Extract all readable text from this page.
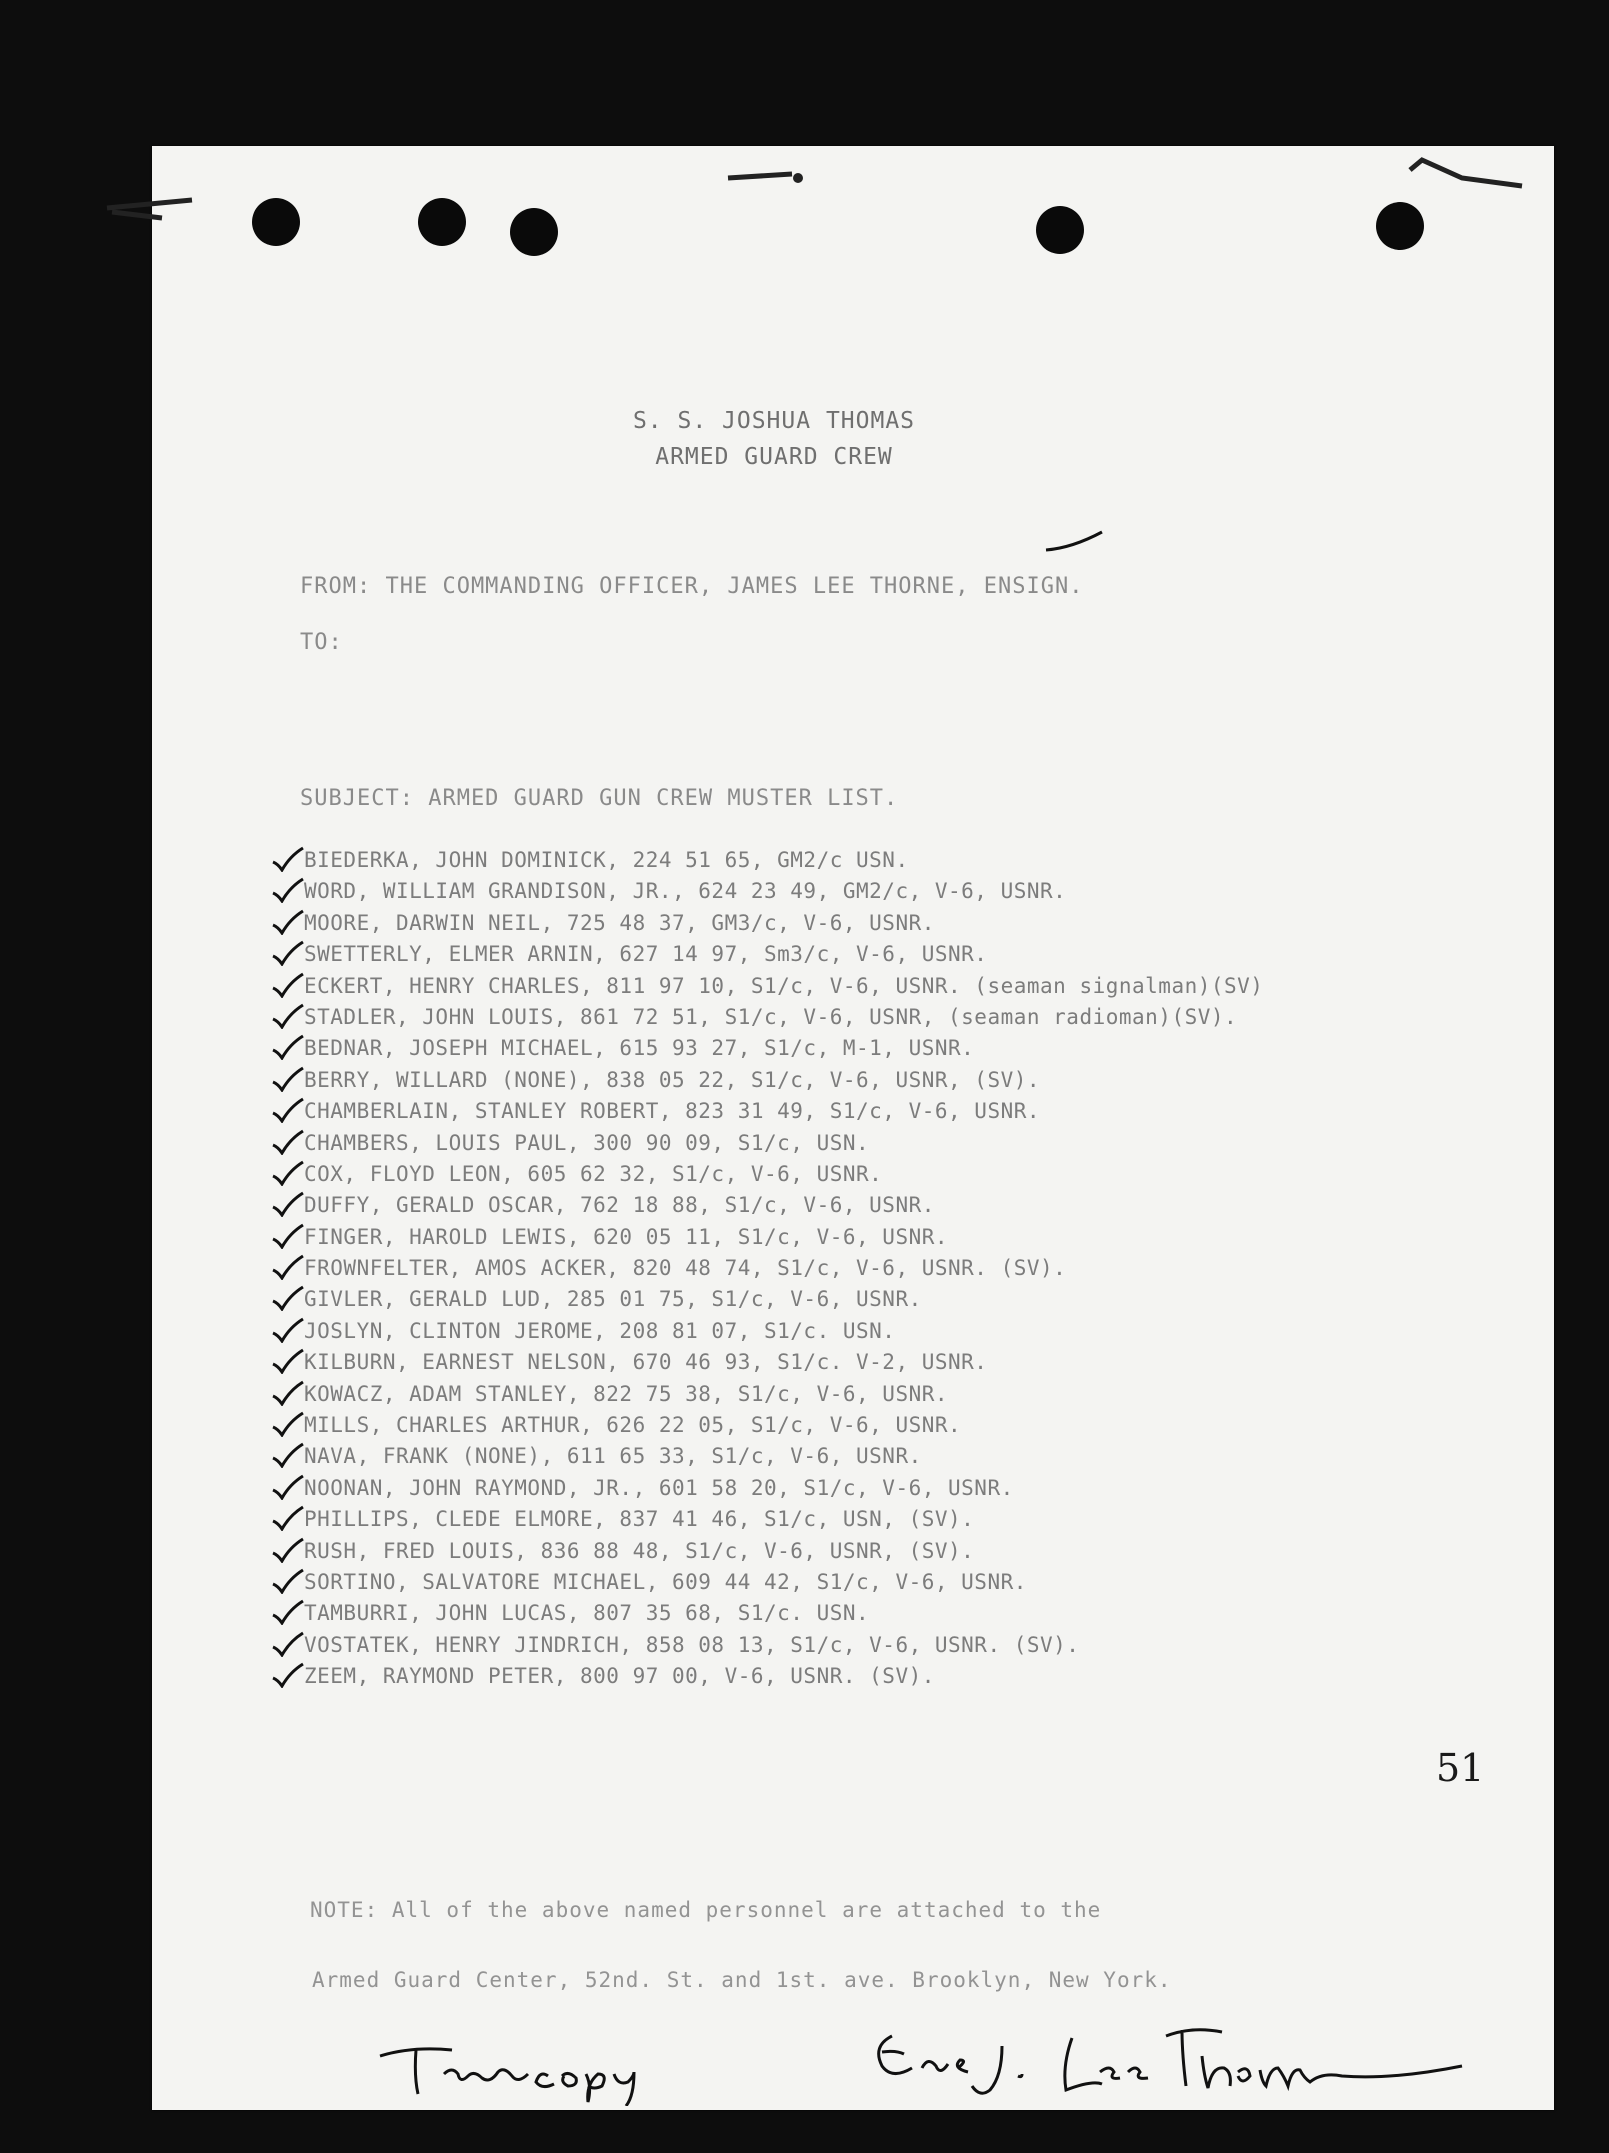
S. S. JOSHUA THOMAS
ARMED GUARD CREW
FROM: THE COMMANDING OFFICER, JAMES LEE THORNE, ENSIGN.
TO:
SUBJECT: ARMED GUARD GUN CREW MUSTER LIST.
BIEDERKA, JOHN DOMINICK, 224 51 65, GM2/c USN.
WORD, WILLIAM GRANDISON, JR., 624 23 49, GM2/c, V-6, USNR.
MOORE, DARWIN NEIL, 725 48 37, GM3/c, V-6, USNR.
SWETTERLY, ELMER ARNIN, 627 14 97, Sm3/c, V-6, USNR.
ECKERT, HENRY CHARLES, 811 97 10, S1/c, V-6, USNR. (seaman signalman)(SV)
STADLER, JOHN LOUIS, 861 72 51, S1/c, V-6, USNR, (seaman radioman)(SV).
BEDNAR, JOSEPH MICHAEL, 615 93 27, S1/c, M-1, USNR.
BERRY, WILLARD (NONE), 838 05 22, S1/c, V-6, USNR, (SV).
CHAMBERLAIN, STANLEY ROBERT, 823 31 49, S1/c, V-6, USNR.
CHAMBERS, LOUIS PAUL, 300 90 09, S1/c, USN.
COX, FLOYD LEON, 605 62 32, S1/c, V-6, USNR.
DUFFY, GERALD OSCAR, 762 18 88, S1/c, V-6, USNR.
FINGER, HAROLD LEWIS, 620 05 11, S1/c, V-6, USNR.
FROWNFELTER, AMOS ACKER, 820 48 74, S1/c, V-6, USNR. (SV).
GIVLER, GERALD LUD, 285 01 75, S1/c, V-6, USNR.
JOSLYN, CLINTON JEROME, 208 81 07, S1/c. USN.
KILBURN, EARNEST NELSON, 670 46 93, S1/c. V-2, USNR.
KOWACZ, ADAM STANLEY, 822 75 38, S1/c, V-6, USNR.
MILLS, CHARLES ARTHUR, 626 22 05, S1/c, V-6, USNR.
NAVA, FRANK (NONE), 611 65 33, S1/c, V-6, USNR.
NOONAN, JOHN RAYMOND, JR., 601 58 20, S1/c, V-6, USNR.
PHILLIPS, CLEDE ELMORE, 837 41 46, S1/c, USN, (SV).
RUSH, FRED LOUIS, 836 88 48, S1/c, V-6, USNR, (SV).
SORTINO, SALVATORE MICHAEL, 609 44 42, S1/c, V-6, USNR.
TAMBURRI, JOHN LUCAS, 807 35 68, S1/c. USN.
VOSTATEK, HENRY JINDRICH, 858 08 13, S1/c, V-6, USNR. (SV).
ZEEM, RAYMOND PETER, 800 97 00, V-6, USNR. (SV).
NOTE: All of the above named personnel are attached to the
Armed Guard Center, 52nd. St. and 1st. ave. Brooklyn, New York.
51
